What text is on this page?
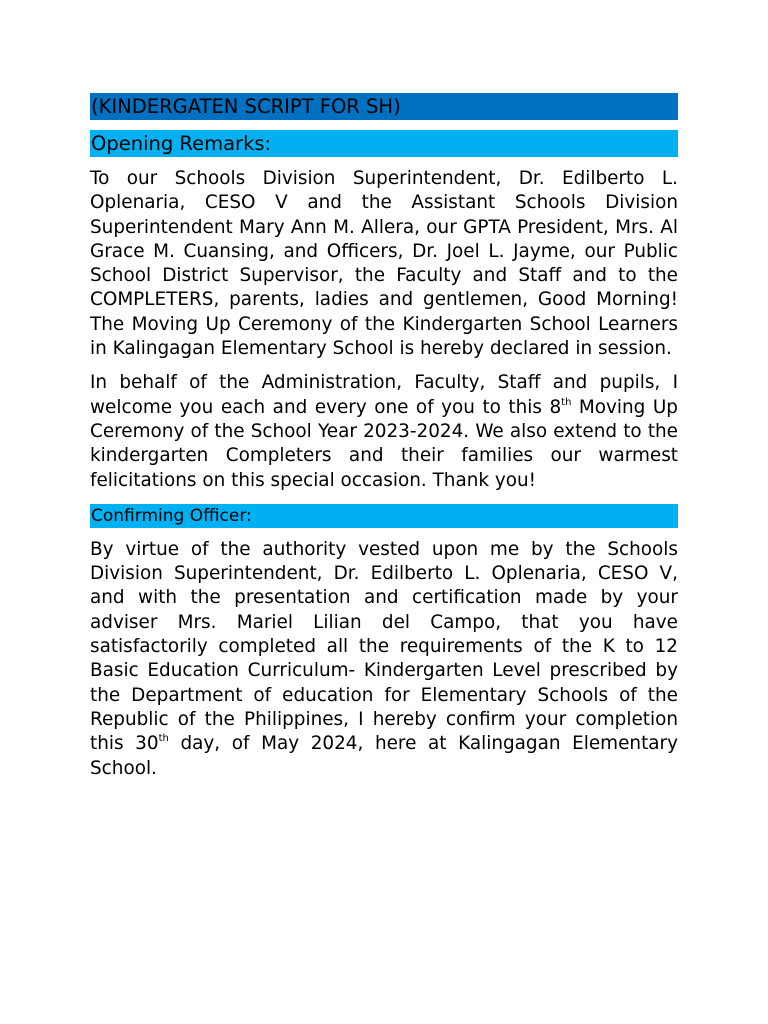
(KINDERGATEN SCRIPT FOR SH)
Opening Remarks:

To our Schools Division Superintendent, Dr. Edilberto L. Oplenaria, CESO V and the Assistant Schools Division Superintendent Mary Ann M. Allera, our GPTA President, Mrs. Al Grace M. Cuansing, and Officers, Dr. Joel L. Jayme, our Public School District Supervisor, the Faculty and Staff and to the COMPLETERS, parents, ladies and gentlemen, Good Morning! The Moving Up Ceremony of the Kindergarten School Learners in Kalingagan Elementary School is hereby declared in session.

In behalf of the Administration, Faculty, Staff and pupils, I welcome you each and every one of you to this 8th Moving Up Ceremony of the School Year 2023-2024. We also extend to the kindergarten Completers and their families our warmest felicitations on this special occasion. Thank you!

Confirming Officer:

By virtue of the authority vested upon me by the Schools Division Superintendent, Dr. Edilberto L. Oplenaria, CESO V, and with the presentation and certification made by your adviser Mrs. Mariel Lilian del Campo, that you have satisfactorily completed all the requirements of the K to 12 Basic Education Curriculum- Kindergarten Level prescribed by the Department of education for Elementary Schools of the Republic of the Philippines, I hereby confirm your completion this 30th day, of May 2024, here at Kalingagan Elementary School.
